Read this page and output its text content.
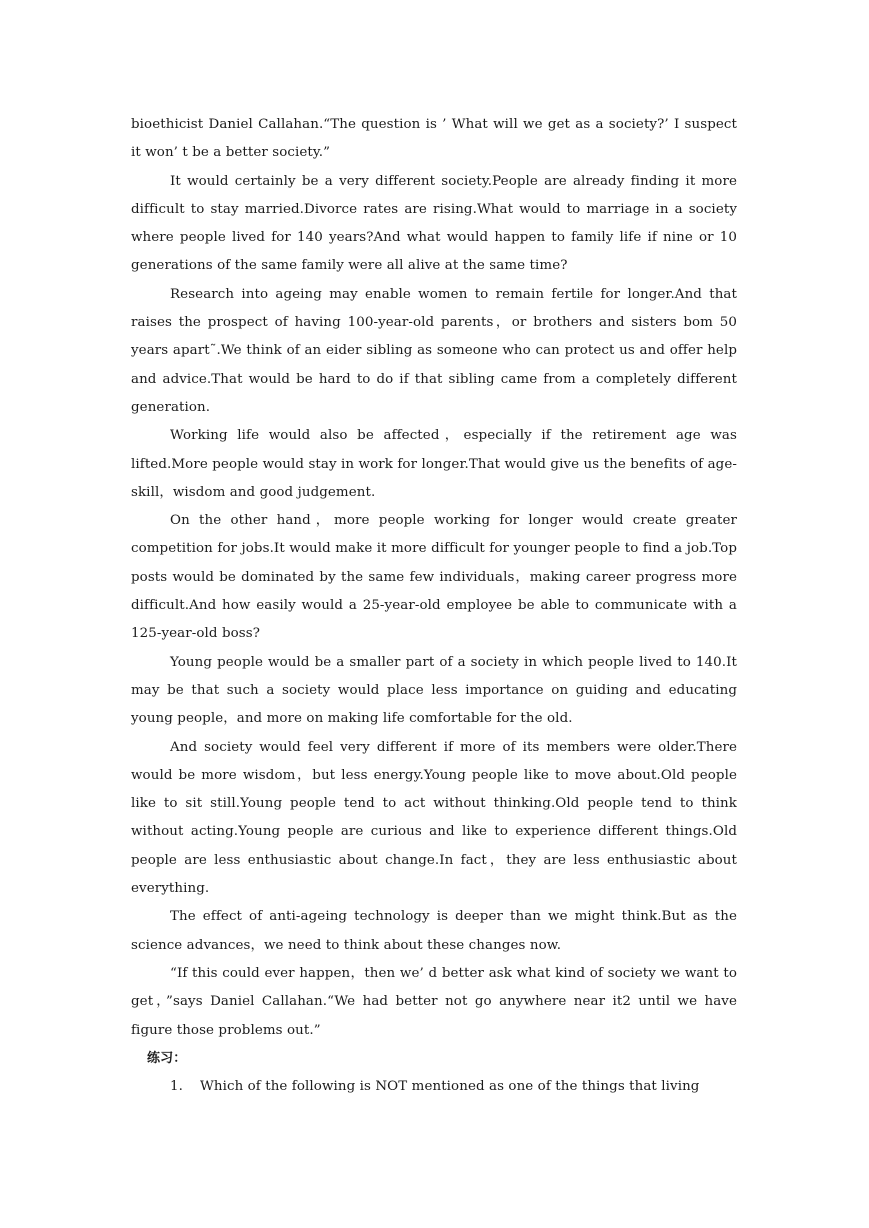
bioethicist Daniel Callahan.“The question is ’ What will we get as a society?’ I suspect it won’ t be a better society.”

It would certainly be a very different society.People are already finding it more difficult to stay married.Divorce rates are rising.What would to marriage in a society where people lived for 140 years?And what would happen to family life if nine or 10 generations of the same family were all alive at the same time?

Research into ageing may enable women to remain fertile for longer.And that raises the prospect of having 100-year-old parents，or brothers and sisters bom 50 years apart˜.We think of an eider sibling as someone who can protect us and offer help and advice.That would be hard to do if that sibling came from a completely different generation.

Working life would also be affected，especially if the retirement age was lifted.More people would stay in work for longer.That would give us the benefits of age-skill，wisdom and good judgement.

On the other hand，more people working for longer would create greater competition for jobs.It would make it more difficult for younger people to find a job.Top posts would be dominated by the same few individuals，making career progress more difficult.And how easily would a 25-year-old employee be able to communicate with a 125-year-old boss?

Young people would be a smaller part of a society in which people lived to 140.It may be that such a society would place less importance on guiding and educating young people，and more on making life comfortable for the old.

And society would feel very different if more of its members were older.There would be more wisdom，but less energy.Young people like to move about.Old people like to sit still.Young people tend to act without thinking.Old people tend to think without acting.Young people are curious and like to experience different things.Old people are less enthusiastic about change.In fact，they are less enthusiastic about everything.

The effect of anti-ageing technology is deeper than we might think.But as the science advances，we need to think about these changes now.

“If this could ever happen，then we’ d better ask what kind of society we want to get，”says Daniel Callahan.“We had better not go anywhere near it2 until we have figure those problems out.”

练习：

1. Which of the following is NOT mentioned as one of the things that living
